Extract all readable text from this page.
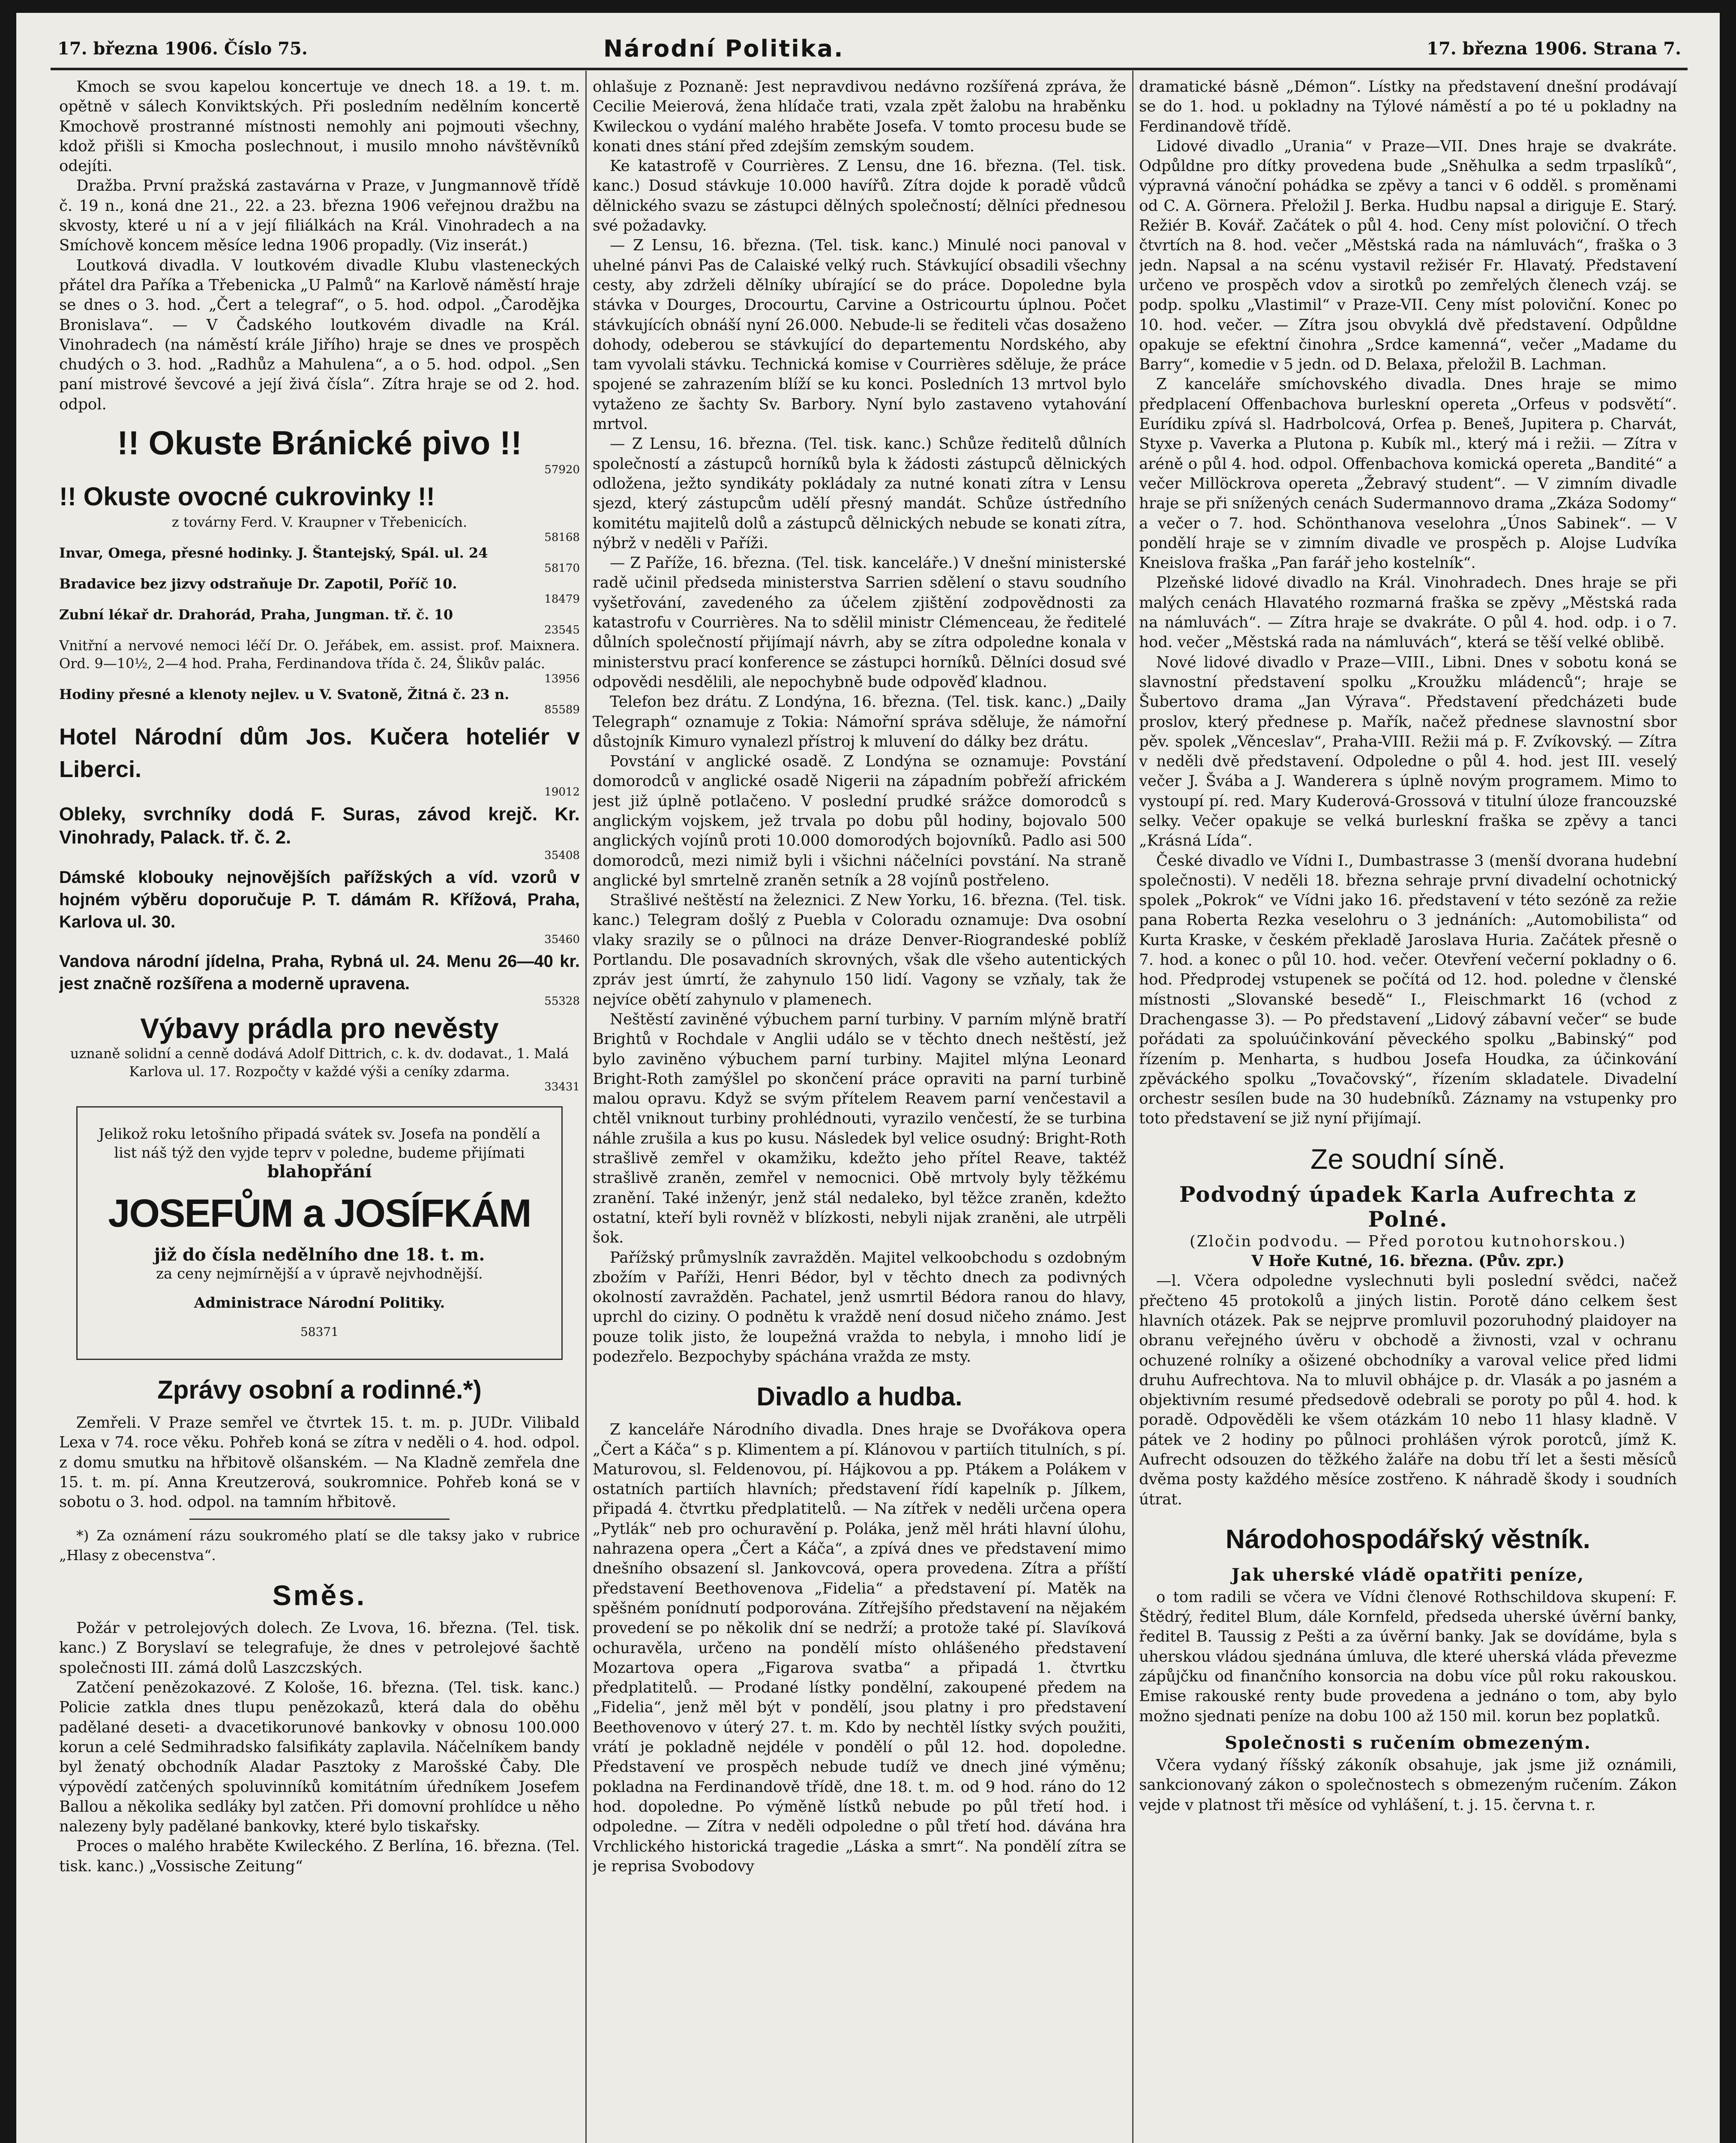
17. března 1906. Číslo 75.	Národní Politika.	17. března 1906. Strana 7.

Kmoch se svou kapelou koncertuje ve dnech 18. a 19. t. m. opětně v sálech Konviktských. Při posledním nedělním koncertě Kmochově prostranné místnosti nemohly ani pojmouti všechny, kdož přišli si Kmocha poslechnout, i musilo mnoho návštěvníků odejíti.

Dražba. První pražská zastavárna v Praze, v Jungmannově třídě č. 19 n., koná dne 21., 22. a 23. března 1906 veřejnou dražbu na skvosty, které u ní a v její filiálkách na Král. Vinohradech a na Smíchově koncem měsíce ledna 1906 propadly. (Viz inserát.)

Loutková divadla. V loutkovém divadle Klubu vlasteneckých přátel dra Paříka a Třebenicka „U Palmů“ na Karlově náměstí hraje se dnes o 3. hod. „Čert a telegraf“, o 5. hod. odpol. „Čarodějka Bronislava“. — V Čadského loutkovém divadle na Král. Vinohradech (na náměstí krále Jiřího) hraje se dnes ve prospěch chudých o 3. hod. „Radhůz a Mahulena“, a o 5. hod. odpol. „Sen paní mistrové ševcové a její živá čísla“. Zítra hraje se od 2. hod. odpol.

!! Okuste Bránické pivo !!

57920

!! Okuste ovocné cukrovinky !!

z továrny Ferd. V. Kraupner v Třebenicích.

58168

Invar, Omega, přesné hodinky. J. Štantejský, Spál. ul. 24

58170

Bradavice bez jizvy odstraňuje Dr. Zapotil, Poříč 10.

18479

Zubní lékař dr. Drahorád, Praha, Jungman. tř. č. 10

23545

Vnitřní a nervové nemoci léčí Dr. O. Jeřábek, em. assist. prof. Maixnera. Ord. 9—10½, 2—4 hod. Praha, Ferdinandova třída č. 24, Šlikův palác.

13956

Hodiny přesné a klenoty nejlev. u V. Svatoně, Žitná č. 23 n.

85589

Hotel Národní dům Jos. Kučera hoteliér v Liberci.

19012

Obleky, svrchníky dodá F. Suras, závod krejč. Kr. Vinohrady, Palack. tř. č. 2.

35408

Dámské klobouky nejnovějších pařížských a víd. vzorů v hojném výběru doporučuje P. T. dámám R. Křížová, Praha, Karlova ul. 30.

35460

Vandova národní jídelna, Praha, Rybná ul. 24. Menu 26—40 kr. jest značně rozšířena a moderně upravena.

55328

Výbavy prádla pro nevěsty

uznaně solidní a cenně dodává Adolf Dittrich, c. k. dv. dodavat., 1. Malá Karlova ul. 17. Rozpočty v každé výši a ceníky zdarma.

33431
Jelikož roku letošního připadá svátek sv. Josefa na pondělí a list náš týž den vyjde teprv v poledne, budeme přijímati
blahopřání
JOSEFŮM a JOSÍFKÁM
již do čísla nedělního dne 18. t. m.
za ceny nejmírnější a v úpravě nejvhodnější.
Administrace Národní Politiky.
58371
Zprávy osobní a rodinné.*)

Zemřeli. V Praze semřel ve čtvrtek 15. t. m. p. JUDr. Vilibald Lexa v 74. roce věku. Pohřeb koná se zítra v neděli o 4. hod. odpol. z domu smutku na hřbitově olšanském. — Na Kladně zemřela dne 15. t. m. pí. Anna Kreutzerová, soukromnice. Pohřeb koná se v sobotu o 3. hod. odpol. na tamním hřbitově.

*) Za oznámení rázu soukromého platí se dle taksy jako v rubrice „Hlasy z obecenstva“.

Směs.

Požár v petrolejových dolech. Ze Lvova, 16. března. (Tel. tisk. kanc.) Z Boryslaví se telegrafuje, že dnes v petrolejové šachtě společnosti III. zámá dolů Laszczských.

Zatčení penězokazové. Z Kološe, 16. března. (Tel. tisk. kanc.) Policie zatkla dnes tlupu penězokazů, která dala do oběhu padělané deseti- a dvacetikorunové bankovky v obnosu 100.000 korun a celé Sedmihradsko falsifikáty zaplavila. Náčelníkem bandy byl ženatý obchodník Aladar Pasztoky z Marošské Čaby. Dle výpovědí zatčených spoluvinníků komitátním úředníkem Josefem Ballou a několika sedláky byl zatčen. Při domovní prohlídce u něho nalezeny byly padělané bankovky, které bylo tiskařsky.

Proces o malého hraběte Kwileckého. Z Berlína, 16. března. (Tel. tisk. kanc.) „Vossische Zeitung“

ohlašuje z Poznaně: Jest nepravdivou nedávno rozšířená zpráva, že Cecilie Meierová, žena hlídače trati, vzala zpět žalobu na hraběnku Kwileckou o vydání malého hraběte Josefa. V tomto procesu bude se konati dnes stání před zdejším zemským soudem.

Ke katastrofě v Courrières. Z Lensu, dne 16. března. (Tel. tisk. kanc.) Dosud stávkuje 10.000 havířů. Zítra dojde k poradě vůdců dělnického svazu se zástupci dělných společností; dělníci přednesou své požadavky.

— Z Lensu, 16. března. (Tel. tisk. kanc.) Minulé noci panoval v uhelné pánvi Pas de Calaiské velký ruch. Stávkující obsadili všechny cesty, aby zdrželi dělníky ubírající se do práce. Dopoledne byla stávka v Dourges, Drocourtu, Carvine a Ostricourtu úplnou. Počet stávkujících obnáší nyní 26.000. Nebude-li se řediteli včas dosaženo dohody, odeberou se stávkující do departementu Nordského, aby tam vyvolali stávku. Technická komise v Courrières sděluje, že práce spojené se zahrazením blíží se ku konci. Posledních 13 mrtvol bylo vytaženo ze šachty Sv. Barbory. Nyní bylo zastaveno vytahování mrtvol.

— Z Lensu, 16. března. (Tel. tisk. kanc.) Schůze ředitelů důlních společností a zástupců horníků byla k žádosti zástupců dělnických odložena, ježto syndikáty pokládaly za nutné konati zítra v Lensu sjezd, který zástupcům udělí přesný mandát. Schůze ústředního komitétu majitelů dolů a zástupců dělnických nebude se konati zítra, nýbrž v neděli v Paříži.

— Z Paříže, 16. března. (Tel. tisk. kanceláře.) V dnešní ministerské radě učinil předseda ministerstva Sarrien sdělení o stavu soudního vyšetřování, zavedeného za účelem zjištění zodpovědnosti za katastrofu v Courrières. Na to sdělil ministr Clémenceau, že ředitelé důlních společností přijímají návrh, aby se zítra odpoledne konala v ministerstvu prací konference se zástupci horníků. Dělníci dosud své odpovědi nesdělili, ale nepochybně bude odpověď kladnou.

Telefon bez drátu. Z Londýna, 16. března. (Tel. tisk. kanc.) „Daily Telegraph“ oznamuje z Tokia: Námořní správa sděluje, že námořní důstojník Kimuro vynalezl přístroj k mluvení do dálky bez drátu.

Povstání v anglické osadě. Z Londýna se oznamuje: Povstání domorodců v anglické osadě Nigerii na západním pobřeží africkém jest již úplně potlačeno. V poslední prudké srážce domorodců s anglickým vojskem, jež trvala po dobu půl hodiny, bojovalo 500 anglických vojínů proti 10.000 domorodých bojovníků. Padlo asi 500 domorodců, mezi nimiž byli i všichni náčelníci povstání. Na straně anglické byl smrtelně zraněn setník a 28 vojínů postřeleno.

Strašlivé neštěstí na železnici. Z New Yorku, 16. března. (Tel. tisk. kanc.) Telegram došlý z Puebla v Coloradu oznamuje: Dva osobní vlaky srazily se o půlnoci na dráze Denver-Riograndeské poblíž Portlandu. Dle posavadních skrovných, však dle všeho autentických zpráv jest úmrtí, že zahynulo 150 lidí. Vagony se vzňaly, tak že nejvíce obětí zahynulo v plamenech.

Neštěstí zaviněné výbuchem parní turbiny. V parním mlýně bratří Brightů v Rochdale v Anglii událo se v těchto dnech neštěstí, jež bylo zaviněno výbuchem parní turbiny. Majitel mlýna Leonard Bright-Roth zamýšlel po skončení práce opraviti na parní turbině malou opravu. Když se svým přítelem Reavem parní venčestavil a chtěl vniknout turbiny prohlédnouti, vyrazilo venčestí, že se turbina náhle zrušila a kus po kusu. Následek byl velice osudný: Bright-Roth strašlivě zemřel v okamžiku, kdežto jeho přítel Reave, taktéž strašlivě zraněn, zemřel v nemocnici. Obě mrtvoly byly těžkému zranění. Také inženýr, jenž stál nedaleko, byl těžce zraněn, kdežto ostatní, kteří byli rovněž v blízkosti, nebyli nijak zraněni, ale utrpěli šok.

Pařížský průmyslník zavražděn. Majitel velkoobchodu s ozdobným zbožím v Paříži, Henri Bédor, byl v těchto dnech za podivných okolností zavražděn. Pachatel, jenž usmrtil Bédora ranou do hlavy, uprchl do ciziny. O podnětu k vraždě není dosud ničeho známo. Jest pouze tolik jisto, že loupežná vražda to nebyla, i mnoho lidí je podezřelo. Bezpochyby spáchána vražda ze msty.

Divadlo a hudba.

Z kanceláře Národního divadla. Dnes hraje se Dvořákova opera „Čert a Káča“ s p. Klimentem a pí. Klánovou v partiích titulních, s pí. Maturovou, sl. Feldenovou, pí. Hájkovou a pp. Ptákem a Polákem v ostatních partiích hlavních; představení řídí kapelník p. Jílkem, připadá 4. čtvrtku předplatitelů. — Na zítřek v neděli určena opera „Pytlák“ neb pro ochuravění p. Poláka, jenž měl hráti hlavní úlohu, nahrazena opera „Čert a Káča“, a zpívá dnes ve představení mimo dnešního obsazení sl. Jankovcová, opera provedena. Zítra a příští představení Beethovenova „Fidelia“ a představení pí. Matěk na spěšném ponídnutí podporována. Zítřejšího představení na nějakém provedení se po několik dní se nedrží; a protože také pí. Slavíková ochuravěla, určeno na pondělí místo ohlášeného představení Mozartova opera „Figarova svatba“ a připadá 1. čtvrtku předplatitelů. — Prodané lístky pondělní, zakoupené předem na „Fidelia“, jenž měl být v pondělí, jsou platny i pro představení Beethovenovo v úterý 27. t. m. Kdo by nechtěl lístky svých použiti, vrátí je pokladně nejdéle v pondělí o půl 12. hod. dopoledne. Představení ve prospěch nebude tudíž ve dnech jiné výměnu; pokladna na Ferdinandově třídě, dne 18. t. m. od 9 hod. ráno do 12 hod. dopoledne. Po výměně lístků nebude po půl třetí hod. i odpoledne. — Zítra v neděli odpoledne o půl třetí hod. dávána hra Vrchlického historická tragedie „Láska a smrt“. Na pondělí zítra se je reprisa Svobodovy

dramatické básně „Démon“. Lístky na představení dnešní prodávají se do 1. hod. u pokladny na Týlové náměstí a po té u pokladny na Ferdinandově třídě.

Lidové divadlo „Urania“ v Praze—VII. Dnes hraje se dvakráte. Odpůldne pro dítky provedena bude „Sněhulka a sedm trpaslíků“, výpravná vánoční pohádka se zpěvy a tanci v 6 odděl. s proměnami od C. A. Görnera. Přeložil J. Berka. Hudbu napsal a diriguje E. Starý. Režiér B. Kovář. Začátek o půl 4. hod. Ceny míst poloviční. O třech čtvrtích na 8. hod. večer „Městská rada na námluvách“, fraška o 3 jedn. Napsal a na scénu vystavil režisér Fr. Hlavatý. Představení určeno ve prospěch vdov a sirotků po zemřelých členech vzáj. se podp. spolku „Vlastimil“ v Praze-VII. Ceny míst poloviční. Konec po 10. hod. večer. — Zítra jsou obvyklá dvě představení. Odpůldne opakuje se efektní činohra „Srdce kamenná“, večer „Madame du Barry“, komedie v 5 jedn. od D. Belaxa, přeložil B. Lachman.

Z kanceláře smíchovského divadla. Dnes hraje se mimo předplacení Offenbachova burleskní opereta „Orfeus v podsvětí“. Eurídiku zpívá sl. Hadrbolcová, Orfea p. Beneš, Jupitera p. Charvát, Styxe p. Vaverka a Plutona p. Kubík ml., který má i režii. — Zítra v aréně o půl 4. hod. odpol. Offenbachova komická opereta „Bandité“ a večer Millöckrova opereta „Žebravý student“. — V zimním divadle hraje se při snížených cenách Sudermannovo drama „Zkáza Sodomy“ a večer o 7. hod. Schönthanova veselohra „Únos Sabinek“. — V pondělí hraje se v zimním divadle ve prospěch p. Alojse Ludvíka Kneislova fraška „Pan farář jeho kostelník“.

Plzeňské lidové divadlo na Král. Vinohradech. Dnes hraje se při malých cenách Hlavatého rozmarná fraška se zpěvy „Městská rada na námluvách“. — Zítra hraje se dvakráte. O půl 4. hod. odp. i o 7. hod. večer „Městská rada na námluvách“, která se těší velké oblibě.

Nové lidové divadlo v Praze—VIII., Libni. Dnes v sobotu koná se slavnostní představení spolku „Kroužku mládenců“; hraje se Šubertovo drama „Jan Výrava“. Představení předcházeti bude proslov, který přednese p. Mařík, načež přednese slavnostní sbor pěv. spolek „Věnceslav“, Praha-VIII. Režii má p. F. Zvíkovský. — Zítra v neděli dvě představení. Odpoledne o půl 4. hod. jest III. veselý večer J. Švába a J. Wanderera s úplně novým programem. Mimo to vystoupí pí. red. Mary Kuderová-Grossová v titulní úloze francouzské selky. Večer opakuje se velká burleskní fraška se zpěvy a tanci „Krásná Lída“.

České divadlo ve Vídni I., Dumbastrasse 3 (menší dvorana hudební společnosti). V neděli 18. března sehraje první divadelní ochotnický spolek „Pokrok“ ve Vídni jako 16. představení v této sezóně za režie pana Roberta Rezka veselohru o 3 jednáních: „Automobilista“ od Kurta Kraske, v českém překladě Jaroslava Huria. Začátek přesně o 7. hod. a konec o půl 10. hod. večer. Otevření večerní pokladny o 6. hod. Předprodej vstupenek se počítá od 12. hod. poledne v členské místnosti „Slovanské besedě“ I., Fleischmarkt 16 (vchod z Drachengasse 3). — Po představení „Lidový zábavní večer“ se bude pořádati za spoluúčinkování pěveckého spolku „Babinský“ pod řízením p. Menharta, s hudbou Josefa Houdka, za účinkování zpěváckého spolku „Tovačovský“, řízením skladatele. Divadelní orchestr sesílen bude na 30 hudebníků. Záznamy na vstupenky pro toto představení se již nyní přijímají.

Ze soudní síně.
Podvodný úpadek Karla Aufrechta z Polné.

(Zločin podvodu. — Před porotou kutnohorskou.)

V Hoře Kutné, 16. března. (Pův. zpr.)

—l. Včera odpoledne vyslechnuti byli poslední svědci, načež přečteno 45 protokolů a jiných listin. Porotě dáno celkem šest hlavních otázek. Pak se nejprve promluvil pozoruhodný plaidoyer na obranu veřejného úvěru v obchodě a živnosti, vzal v ochranu ochuzené rolníky a ošizené obchodníky a varoval velice před lidmi druhu Aufrechtova. Na to mluvil obhájce p. dr. Vlasák a po jasném a objektivním resumé předsedově odebrali se poroty po půl 4. hod. k poradě. Odpověděli ke všem otázkám 10 nebo 11 hlasy kladně. V pátek ve 2 hodiny po půlnoci prohlášen výrok porotců, jímž K. Aufrecht odsouzen do těžkého žaláře na dobu tří let a šesti měsíců dvěma posty každého měsíce zostřeno. K náhradě škody i soudních útrat.

Národohospodářský věstník.
Jak uherské vládě opatřiti peníze,

o tom radili se včera ve Vídni členové Rothschildova skupení: F. Štědrý, ředitel Blum, dále Kornfeld, předseda uherské úvěrní banky, ředitel B. Taussig z Pešti a za úvěrní banky. Jak se dovídáme, byla s uherskou vládou sjednána úmluva, dle které uherská vláda převezme zápůjčku od finančního konsorcia na dobu více půl roku rakouskou. Emise rakouské renty bude provedena a jednáno o tom, aby bylo možno sjednati peníze na dobu 100 až 150 mil. korun bez poplatků.

Společnosti s ručením obmezeným.

Včera vydaný říšský zákoník obsahuje, jak jsme již oznámili, sankcionovaný zákon o společnostech s obmezeným ručením. Zákon vejde v platnost tři měsíce od vyhlášení, t. j. 15. června t. r.
